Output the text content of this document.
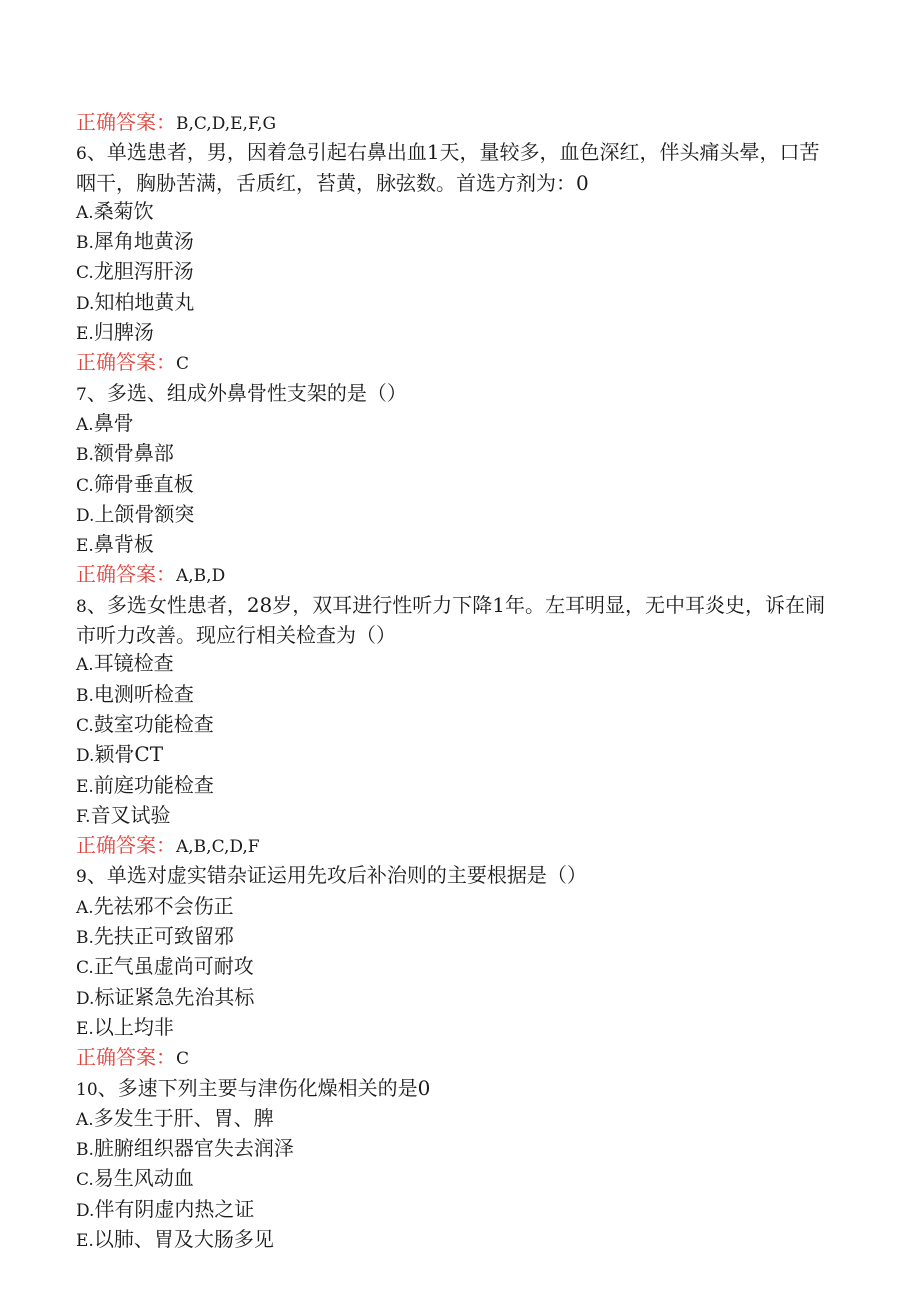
正确答案：B,C,D,E,F,G

6、单选患者，男，因着急引起右鼻出血1天，量较多，血色深红，伴头痛头晕，口苦咽干，胸胁苦满，舌质红，苔黄，脉弦数。首选方剂为：0

A.桑菊饮

B.犀角地黄汤

C.龙胆泻肝汤

D.知柏地黄丸

E.归脾汤

正确答案：C

7、多选、组成外鼻骨性支架的是（）

A.鼻骨

B.额骨鼻部

C.筛骨垂直板

D.上颌骨额突

E.鼻背板

正确答案：A,B,D

8、多选女性患者，28岁，双耳进行性听力下降1年。左耳明显，无中耳炎史，诉在闹市听力改善。现应行相关检查为（）

A.耳镜检查

B.电测听检查

C.鼓室功能检查

D.颖骨CT

E.前庭功能检查

F.音叉试验

正确答案：A,B,C,D,F

9、单选对虚实错杂证运用先攻后补治则的主要根据是（）

A.先祛邪不会伤正

B.先扶正可致留邪

C.正气虽虚尚可耐攻

D.标证紧急先治其标

E.以上均非

正确答案：C

10、多速下列主要与津伤化燥相关的是0

A.多发生于肝、胃、脾

B.脏腑组织器官失去润泽

C.易生风动血

D.伴有阴虚内热之证

E.以肺、胃及大肠多见
